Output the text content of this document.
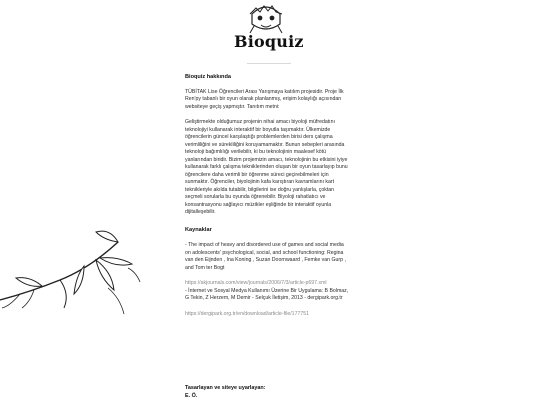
Bioquiz
Bioquiz hakkında

TÜBİTAK Lise Öğrencileri Arası Yarışmaya katılım projesidir. Proje İlk Ren'py tabanlı bir oyun olarak planlanmış, erişim kolaylığı açısından websiteye geçiş yapmıştır. Tanıtım metni:

Geliştirmekte olduğumuz projenin nihai amacı biyoloji müfredatını teknolojiyi kullanarak interaktif bir boyutla taşımaktır. Ülkemizde öğrencilerin güncel karşılaştığı problemlerden birisi ders çalışma verimliliğini ve sürekliliğini koruyamamaktır. Bunun sebepleri arasında teknoloji bağımlılığı verilebilir, ki bu teknolojinin maalesef kötü yanlarından biridir. Bizim projemizin amacı, teknolojinin bu etkisini iyiye kullanarak farklı çalışma tekniklerinden oluşan bir oyun tasarlayıp bunu öğrencilere daha verimli bir öğrenme süreci geçirebilmeleri için sunmaktır. Öğrenciler, biyolojinin kafa karıştıran kavramlarını kart teknikleriyle akılda tutabilir, bilgilerini ise doğru yanlışlarla, çoktan seçmeli sorularla bu oyunda öğrenebilir. Biyoloji rahatlatıcı ve konsantrasyonu sağlayıcı müzikler eşliğinde bir interaktif oyunla dijitalleşebilir.

Kaynaklar

- The impact of heavy and disordered use of games and social media on adolescents' psychological, social, and school functioning: Regina van den Eijnden , Ina Koning , Suzan Doornwaard , Femke van Gurp , and Tom ter Bogt

https://akjournals.com/view/journals/2006/7/3/article-p697.xml

- İnternet ve Sosyal Medya Kullanımı Üzerine Bir Uygulama: B Bolmaz, G Tekin, Z Herzem, M Demir - Selçuk İletişim, 2013 - dergipark.org.tr

https://dergipark.org.tr/en/download/article-file/177751
Tasarlayan ve siteye uyarlayan:
E. Ö.
